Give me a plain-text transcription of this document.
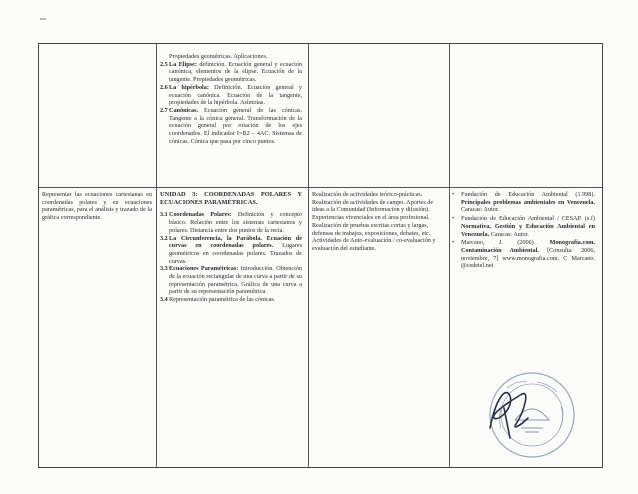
Propiedades geométricas. Aplicaciones.
2.5 La Elipse: definición. Ecuación general y ecuación canónica, elementos de la elipse. Ecuación de la tangente. Propiedades geométricas.
2.6 La hipérbola: Definición. Ecuación general y ecuación canónica. Ecuación de la tangente, propiedades de la hipérbola. Asíntotas.
2.7 Canónicas. Ecuación general de las cónicas. Tangente a la cónica general. Transformación de la ecuación general por rotación de los ejes coordenados. El indicador I=B2 – 4AC. Sistemas de cónicas. Cónica que pasa por cinco puntos.

Representar las ecuaciones cartesianas en coordenadas polares y en ecuaciones paramétricas, para el análisis y trazado de la gráfica correspondiente.

UNIDAD 3: COORDENADAS POLARES Y ECUACIONES PARAMÉTRICAS.

3.1 Coordenadas Polares: Definición y concepto básico. Relación entre los sistemas cartesianos y polares. Distancia entre dos puntos de la recta.
3.2 La Circunferencia, la Parábola. Ecuación de curvas en coordenadas polares. Lugares geométricos en coordenadas polares. Trazados de curvas.
3.3 Ecuaciones Paramétricas: Introducción. Obtención de la ecuación rectangular de una curva a partir de su representación paramétrica. Gráfica de una curva a partir de su representación paramétrica.
3.4 Representación paramétrica de las cónicas.

Realización de actividades teórico-prácticas. Realización de actividades de campo. Aportes de ideas a la Comunidad (Información y difusión). Experiencias vivenciales en el área profesional. Realización de pruebas escritas cortas y largas, defensas de trabajos, exposiciones, debates, etc. Actividades de Auto-evaluación / co-evaluación y evaluación del estudiante.

• Fundación de Educación Ambiental (1.998). Principales problemas ambientales en Venezuela. Caracas: Autor.
• Fundación de Educación Ambiental / CESAP. (s.f) Normativa, Gestión y Educación Ambiental en Venezuela. Caracas: Autor.
• Marcano, J. (2006). Monografía.com. Contaminación Ambiental. [Consulta: 2006, noviembre, 7] www.monografia.com. C Marcano. @cedetel.net
